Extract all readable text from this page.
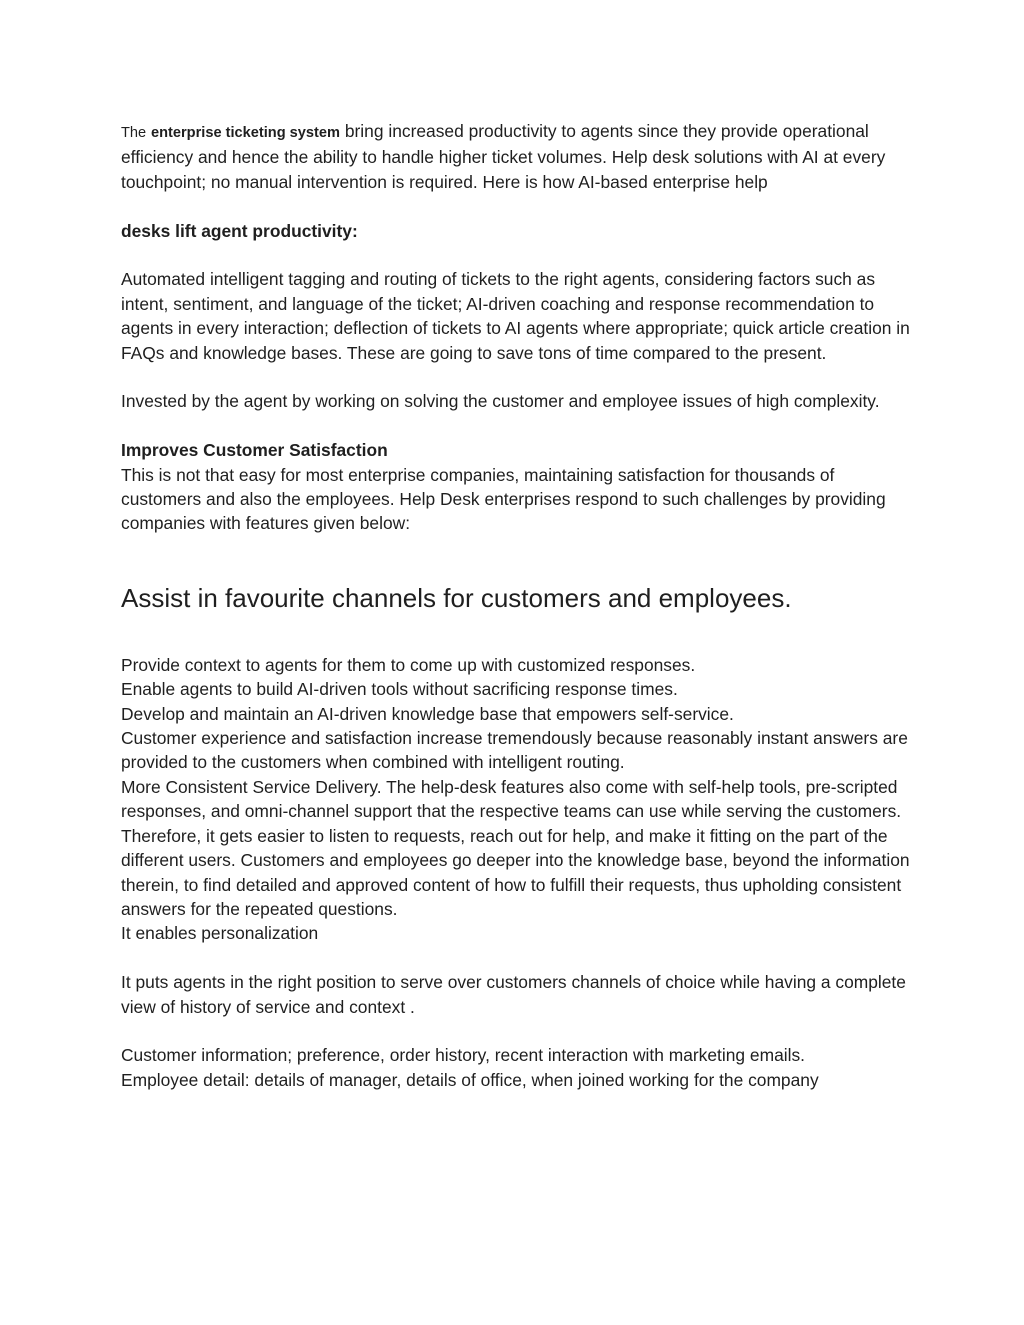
The enterprise ticketing system bring increased productivity to agents since they provide operational efficiency and hence the ability to handle higher ticket volumes. Help desk solutions with AI at every touchpoint; no manual intervention is required. Here is how AI-based enterprise help

desks lift agent productivity:

Automated intelligent tagging and routing of tickets to the right agents, considering factors such as intent, sentiment, and language of the ticket; AI-driven coaching and response recommendation to agents in every interaction; deflection of tickets to AI agents where appropriate; quick article creation in FAQs and knowledge bases. These are going to save tons of time compared to the present.

Invested by the agent by working on solving the customer and employee issues of high complexity.

Improves Customer Satisfaction

This is not that easy for most enterprise companies, maintaining satisfaction for thousands of customers and also the employees. Help Desk enterprises respond to such challenges by providing companies with features given below:

Assist in favourite channels for customers and employees.

Provide context to agents for them to come up with customized responses.

Enable agents to build AI-driven tools without sacrificing response times.

Develop and maintain an AI-driven knowledge base that empowers self-service.

Customer experience and satisfaction increase tremendously because reasonably instant answers are provided to the customers when combined with intelligent routing.

More Consistent Service Delivery. The help-desk features also come with self-help tools, pre-scripted responses, and omni-channel support that the respective teams can use while serving the customers. Therefore, it gets easier to listen to requests, reach out for help, and make it fitting on the part of the different users. Customers and employees go deeper into the knowledge base, beyond the information therein, to find detailed and approved content of how to fulfill their requests, thus upholding consistent answers for the repeated questions.

It enables personalization

It puts agents in the right position to serve over customers channels of choice while having a complete view of history of service and context .

Customer information; preference, order history, recent interaction with marketing emails.

Employee detail: details of manager, details of office, when joined working for the company
